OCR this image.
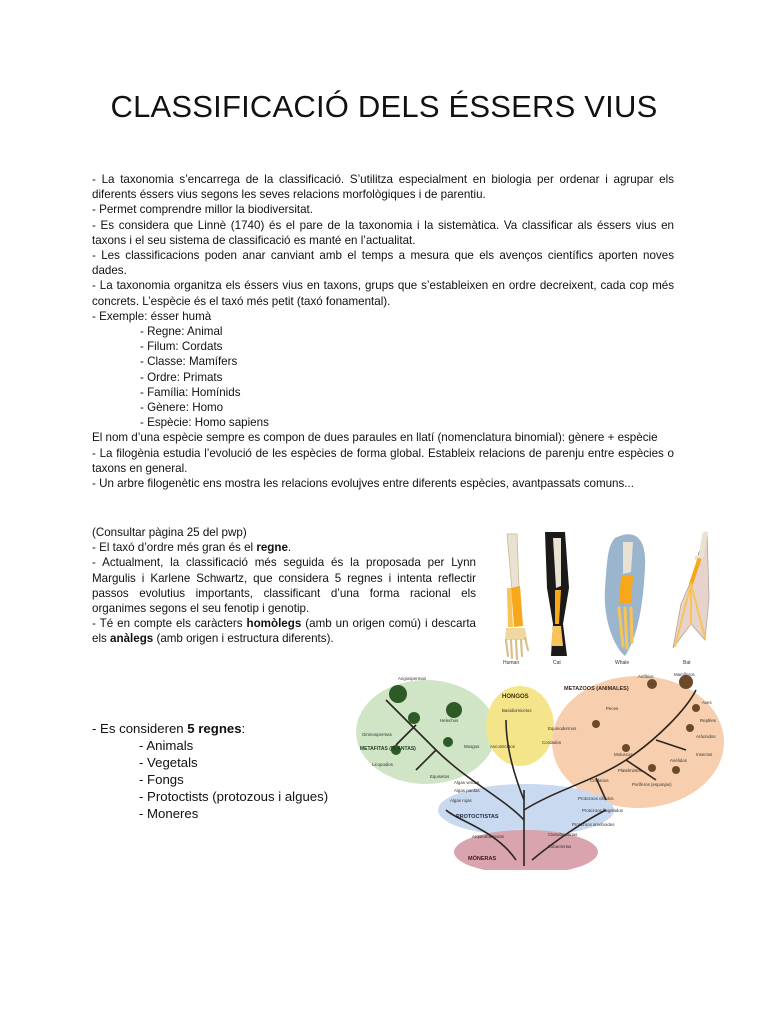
CLASSIFICACIÓ DELS ÉSSERS VIUS

- La taxonomia s’encarrega de la classificació. S’utilitza especialment en biologia per ordenar i agrupar els diferents éssers vius segons les seves relacions morfològiques i de parentiu.

- Permet comprendre millor la biodiversitat.

- Es considera que Linnè (1740) és el pare de la taxonomia i la sistemàtica. Va classificar als éssers vius en taxons i el seu sistema de classificació es manté en l’actualitat.

- Les classificacions poden anar canviant amb el temps a mesura que els avenços científics aporten noves dades.

- La taxonomia organitza els éssers vius en taxons, grups que s’estableixen en ordre decreixent, cada cop més concrets. L’espècie és el taxó més petit (taxó fonamental).

- Exemple: ésser humà

- Regne: Animal

- Filum: Cordats

- Classe: Mamífers

- Ordre: Primats

- Família: Homínids

- Gènere: Homo

- Espècie: Homo sapiens

El nom d’una espècie sempre es compon de dues paraules en llatí (nomenclatura binomial): gènere + espècie

- La filogènia estudia l’evolució de les espècies de forma global. Estableix relacions de parenju entre espècies o taxons en general.

- Un arbre filogenètic ens mostra les relacions evolujves entre diferents espècies, avantpassats comuns...

(Consultar pàgina 25 del pwp)

- El taxó d’ordre més gran és el regne.

- Actualment, la classificació més seguida és la proposada per Lynn Margulis i Karlene Schwartz, que considera 5 regnes i intenta reflectir passos evolutius importants, classificant d’una forma racional els organimes segons el seu fenotip i genotip.

- Té en compte els caràcters homòlegs (amb un origen comú) i descarta els anàlegs (amb origen i estructura diferents).

- Es consideren 5 regnes:
- Animals
- Vegetals
- Fongs
- Protoctists (protozous i algues)
- Moneres
Human	Cat	Whale	Bat
HONGOS
METAZOOS (ANIMALES)
METAFITAS (PLANTAS)
PROTOCTISTAS
MÓNERAS
Angiospermas
Gimnospermas
Helechos
Musgos
Licopodios
Equisetos
Basidiomicetos
Ascomicetos
Anfibios	Mamíferos
Aves
Reptiles
Arácnidos
Insectos
Equinodermos
Peces
Cordados
Moluscos
Anélidos
Platelmintos
Cnidarios
Poríferos (esponjas)
Algas verdes
Algas pardas
Algas rojas	Protozoos ciliados
Protozoos flagelados
Protozoos ameboides
Arqueobacterias	Cianobacterias
Eubacterias
